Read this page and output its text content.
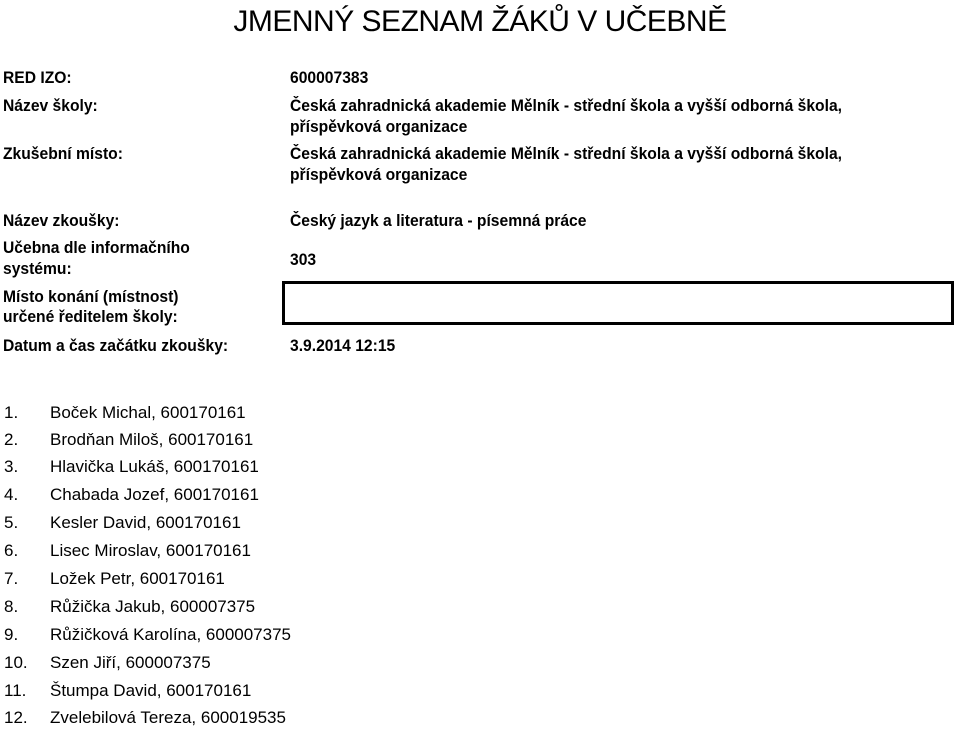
JMENNÝ SEZNAM ŽÁKŮ V UČEBNĚ
RED IZO:	600007383
Název školy:	Česká zahradnická akademie Mělník - střední škola a vyšší odborná škola,
příspěvková organizace
Zkušební místo:	Česká zahradnická akademie Mělník - střední škola a vyšší odborná škola,
příspěvková organizace
Název zkoušky:	Český jazyk a literatura - písemná práce
Učebna dle informačního
systému:	303
Místo konání (místnost)
určené ředitelem školy:
Datum a čas začátku zkoušky:	3.9.2014 12:15
1. Boček Michal, 600170161
2. Brodňan Miloš, 600170161
3. Hlavička Lukáš, 600170161
4. Chabada Jozef, 600170161
5. Kesler David, 600170161
6. Lisec Miroslav, 600170161
7. Ložek Petr, 600170161
8. Růžička Jakub, 600007375
9. Růžičková Karolína, 600007375
10. Szen Jiří, 600007375
11. Štumpa David, 600170161
12. Zvelebilová Tereza, 600019535
